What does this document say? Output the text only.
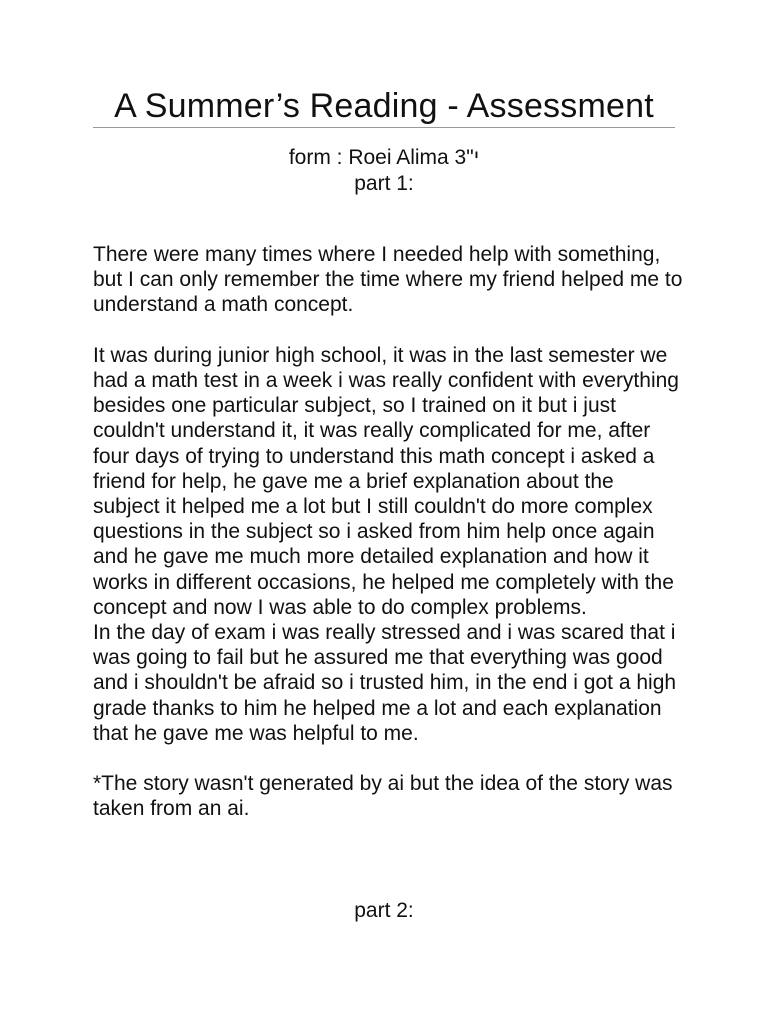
A Summer’s Reading - Assessment
form : Roei Alima 3"י
part 1:

There were many times where I needed help with something, but I can only remember the time where my friend helped me to understand a math concept.

It was during junior high school, it was in the last semester we had a math test in a week i was really confident with everything besides one particular subject, so I trained on it but i just couldn't understand it, it was really complicated for me, after four days of trying to understand this math concept i asked a friend for help, he gave me a brief explanation about the subject it helped me a lot but I still couldn't do more complex questions in the subject so i asked from him help once again and he gave me much more detailed explanation and how it works in different occasions, he helped me completely with the concept and now I was able to do complex problems.

In the day of exam i was really stressed and i was scared that i was going to fail but he assured me that everything was good and i shouldn't be afraid so i trusted him, in the end i got a high grade thanks to him he helped me a lot and each explanation that he gave me was helpful to me.

*The story wasn't generated by ai but the idea of the story was taken from an ai.

part 2:
